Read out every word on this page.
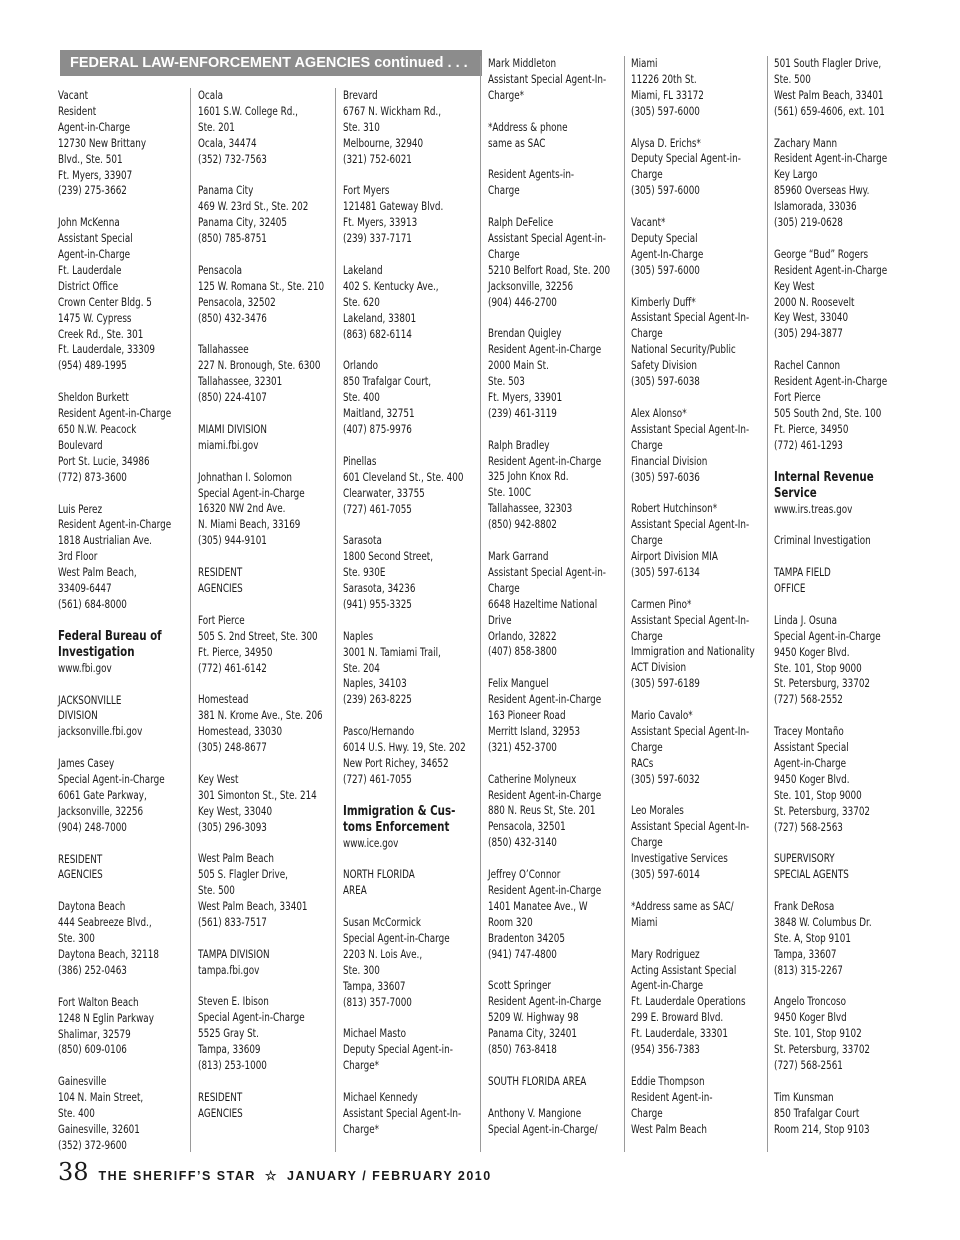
FEDERAL LAW-ENFORCEMENT AGENCIES continued . . .
Vacant
Resident
Agent-in-Charge
12730 New Brittany
Blvd., Ste. 501
Ft. Myers, 33907
(239) 275-3662
John McKenna
Assistant Special
Agent-in-Charge
Ft. Lauderdale
District Office
Crown Center Bldg. 5
1475 W. Cypress
Creek Rd., Ste. 301
Ft. Lauderdale, 33309
(954) 489-1995
Sheldon Burkett
Resident Agent-in-Charge
650 N.W. Peacock
Boulevard
Port St. Lucie, 34986
(772) 873-3600
Luis Perez
Resident Agent-in-Charge
1818 Austrialian Ave.
3rd Floor
West Palm Beach,
33409-6447
(561) 684-8000
Federal Bureau of
Investigation
www.fbi.gov
JACKSONVILLE
DIVISION
jacksonville.fbi.gov
James Casey
Special Agent-in-Charge
6061 Gate Parkway,
Jacksonville, 32256
(904) 248-7000
RESIDENT
AGENCIES
Daytona Beach
444 Seabreeze Blvd.,
Ste. 300
Daytona Beach, 32118
(386) 252-0463
Fort Walton Beach
1248 N Eglin Parkway
Shalimar, 32579
(850) 609-0106
Gainesville
104 N. Main Street,
Ste. 400
Gainesville, 32601
(352) 372-9600
Ocala
1601 S.W. College Rd.,
Ste. 201
Ocala, 34474
(352) 732-7563
Panama City
469 W. 23rd St., Ste. 202
Panama City, 32405
(850) 785-8751
Pensacola
125 W. Romana St., Ste. 210
Pensacola, 32502
(850) 432-3476
Tallahassee
227 N. Bronough, Ste. 6300
Tallahassee, 32301
(850) 224-4107
MIAMI DIVISION
miami.fbi.gov
Johnathan I. Solomon
Special Agent-in-Charge
16320 NW 2nd Ave.
N. Miami Beach, 33169
(305) 944-9101
RESIDENT
AGENCIES
Fort Pierce
505 S. 2nd Street, Ste. 300
Ft. Pierce, 34950
(772) 461-6142
Homestead
381 N. Krome Ave., Ste. 206
Homestead, 33030
(305) 248-8677
Key West
301 Simonton St., Ste. 214
Key West, 33040
(305) 296-3093
West Palm Beach
505 S. Flagler Drive,
Ste. 500
West Palm Beach, 33401
(561) 833-7517
TAMPA DIVISION
tampa.fbi.gov
Steven E. Ibison
Special Agent-in-Charge
5525 Gray St.
Tampa, 33609
(813) 253-1000
RESIDENT
AGENCIES
Brevard
6767 N. Wickham Rd.,
Ste. 310
Melbourne, 32940
(321) 752-6021
Fort Myers
121481 Gateway Blvd.
Ft. Myers, 33913
(239) 337-7171
Lakeland
402 S. Kentucky Ave.,
Ste. 620
Lakeland, 33801
(863) 682-6114
Orlando
850 Trafalgar Court,
Ste. 400
Maitland, 32751
(407) 875-9976
Pinellas
601 Cleveland St., Ste. 400
Clearwater, 33755
(727) 461-7055
Sarasota
1800 Second Street,
Ste. 930E
Sarasota, 34236
(941) 955-3325
Naples
3001 N. Tamiami Trail,
Ste. 204
Naples, 34103
(239) 263-8225
Pasco/Hernando
6014 U.S. Hwy. 19, Ste. 202
New Port Richey, 34652
(727) 461-7055
Immigration & Cus-
toms Enforcement
www.ice.gov
NORTH FLORIDA
AREA
Susan McCormick
Special Agent-in-Charge
2203 N. Lois Ave.,
Ste. 300
Tampa, 33607
(813) 357-7000
Michael Masto
Deputy Special Agent-in-
Charge*
Michael Kennedy
Assistant Special Agent-In-
Charge*
Mark Middleton
Assistant Special Agent-In-
Charge*
*Address & phone
same as SAC
Resident Agents-in-
Charge
Ralph DeFelice
Assistant Special Agent-in-
Charge
5210 Belfort Road, Ste. 200
Jacksonville, 32256
(904) 446-2700
Brendan Quigley
Resident Agent-in-Charge
2000 Main St.
Ste. 503
Ft. Myers, 33901
(239) 461-3119
Ralph Bradley
Resident Agent-in-Charge
325 John Knox Rd.
Ste. 100C
Tallahassee, 32303
(850) 942-8802
Mark Garrand
Assistant Special Agent-in-
Charge
6648 Hazeltime National
Drive
Orlando, 32822
(407) 858-3800
Felix Manguel
Resident Agent-in-Charge
163 Pioneer Road
Merritt Island, 32953
(321) 452-3700
Catherine Molyneux
Resident Agent-in-Charge
880 N. Reus St, Ste. 201
Pensacola, 32501
(850) 432-3140
Jeffrey O’Connor
Resident Agent-in-Charge
1401 Manatee Ave., W
Room 320
Bradenton 34205
(941) 747-4800
Scott Springer
Resident Agent-in-Charge
5209 W. Highway 98
Panama City, 32401
(850) 763-8418
SOUTH FLORIDA AREA
Anthony V. Mangione
Special Agent-in-Charge/
Miami
11226 20th St.
Miami, FL 33172
(305) 597-6000
Alysa D. Erichs*
Deputy Special Agent-in-
Charge
(305) 597-6000
Vacant*
Deputy Special
Agent-In-Charge
(305) 597-6000
Kimberly Duff*
Assistant Special Agent-In-
Charge
National Security/Public
Safety Division
(305) 597-6038
Alex Alonso*
Assistant Special Agent-In-
Charge
Financial Division
(305) 597-6036
Robert Hutchinson*
Assistant Special Agent-In-
Charge
Airport Division MIA
(305) 597-6134
Carmen Pino*
Assistant Special Agent-In-
Charge
Immigration and Nationality
ACT Division
(305) 597-6189
Mario Cavalo*
Assistant Special Agent-In-
Charge
RACs
(305) 597-6032
Leo Morales
Assistant Special Agent-In-
Charge
Investigative Services
(305) 597-6014
*Address same as SAC/
Miami
Mary Rodriguez
Acting Assistant Special
Agent-in-Charge
Ft. Lauderdale Operations
299 E. Broward Blvd.
Ft. Lauderdale, 33301
(954) 356-7383
Eddie Thompson
Resident Agent-in-
Charge
West Palm Beach
501 South Flagler Drive,
Ste. 500
West Palm Beach, 33401
(561) 659-4606, ext. 101
Zachary Mann
Resident Agent-in-Charge
Key Largo
85960 Overseas Hwy.
Islamorada, 33036
(305) 219-0628
George “Bud” Rogers
Resident Agent-in-Charge
Key West
2000 N. Roosevelt
Key West, 33040
(305) 294-3877
Rachel Cannon
Resident Agent-in-Charge
Fort Pierce
505 South 2nd, Ste. 100
Ft. Pierce, 34950
(772) 461-1293
Internal Revenue
Service
www.irs.treas.gov
Criminal Investigation
TAMPA FIELD
OFFICE
Linda J. Osuna
Special Agent-in-Charge
9450 Koger Blvd.
Ste. 101, Stop 9000
St. Petersburg, 33702
(727) 568-2552
Tracey Montaño
Assistant Special
Agent-in-Charge
9450 Koger Blvd.
Ste. 101, Stop 9000
St. Petersburg, 33702
(727) 568-2563
SUPERVISORY
SPECIAL AGENTS
Frank DeRosa
3848 W. Columbus Dr.
Ste. A, Stop 9101
Tampa, 33607
(813) 315-2267
Angelo Troncoso
9450 Koger Blvd
Ste. 101, Stop 9102
St. Petersburg, 33702
(727) 568-2561
Tim Kunsman
850 Trafalgar Court
Room 214, Stop 9103
38 THE SHERIFF’S STAR ☆ JANUARY / FEBRUARY 2010
